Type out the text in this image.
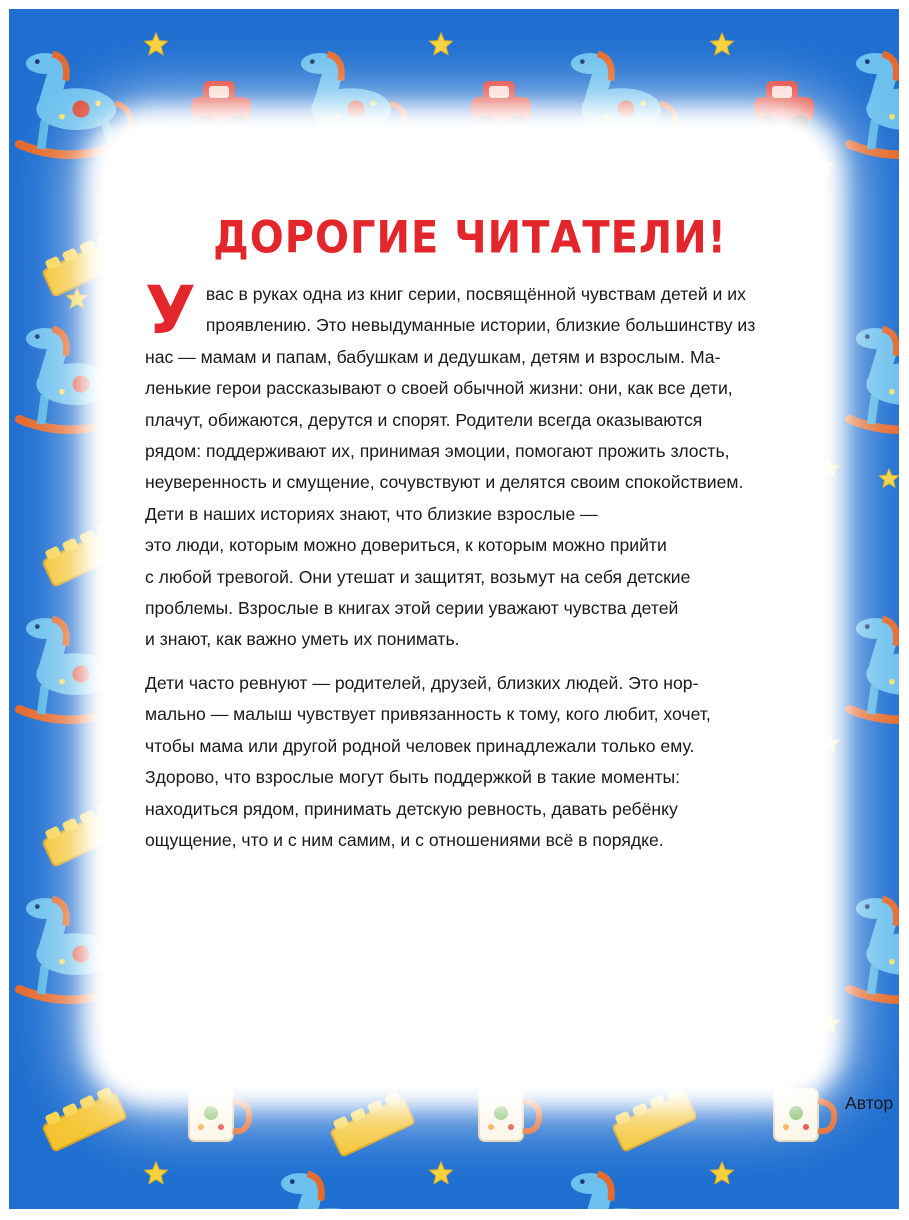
ДОРОГИЕ ЧИТАТЕЛИ!
У вас в руках одна из книг серии, посвящённой чувствам детей и их
проявлению. Это невыдуманные истории, близкие большинству из
нас — мамам и папам, бабушкам и дедушкам, детям и взрослым. Ма-
ленькие герои рассказывают о своей обычной жизни: они, как все дети,
плачут, обижаются, дерутся и спорят. Родители всегда оказываются
рядом: поддерживают их, принимая эмоции, помогают прожить злость,
неуверенность и смущение, сочувствуют и делятся своим спокойствием.
Дети в наших историях знают, что близкие взрослые —
это люди, которым можно довериться, к которым можно прийти
с любой тревогой. Они утешат и защитят, возьмут на себя детские
проблемы. Взрослые в книгах этой серии уважают чувства детей
и знают, как важно уметь их понимать.
Дети часто ревнуют — родителей, друзей, близких людей. Это нор-
мально — малыш чувствует привязанность к тому, кого любит, хочет,
чтобы мама или другой родной человек принадлежали только ему.
Здорово, что взрослые могут быть поддержкой в такие моменты:
находиться рядом, принимать детскую ревность, давать ребёнку
ощущение, что и с ним самим, и с отношениями всё в порядке.
Автор
